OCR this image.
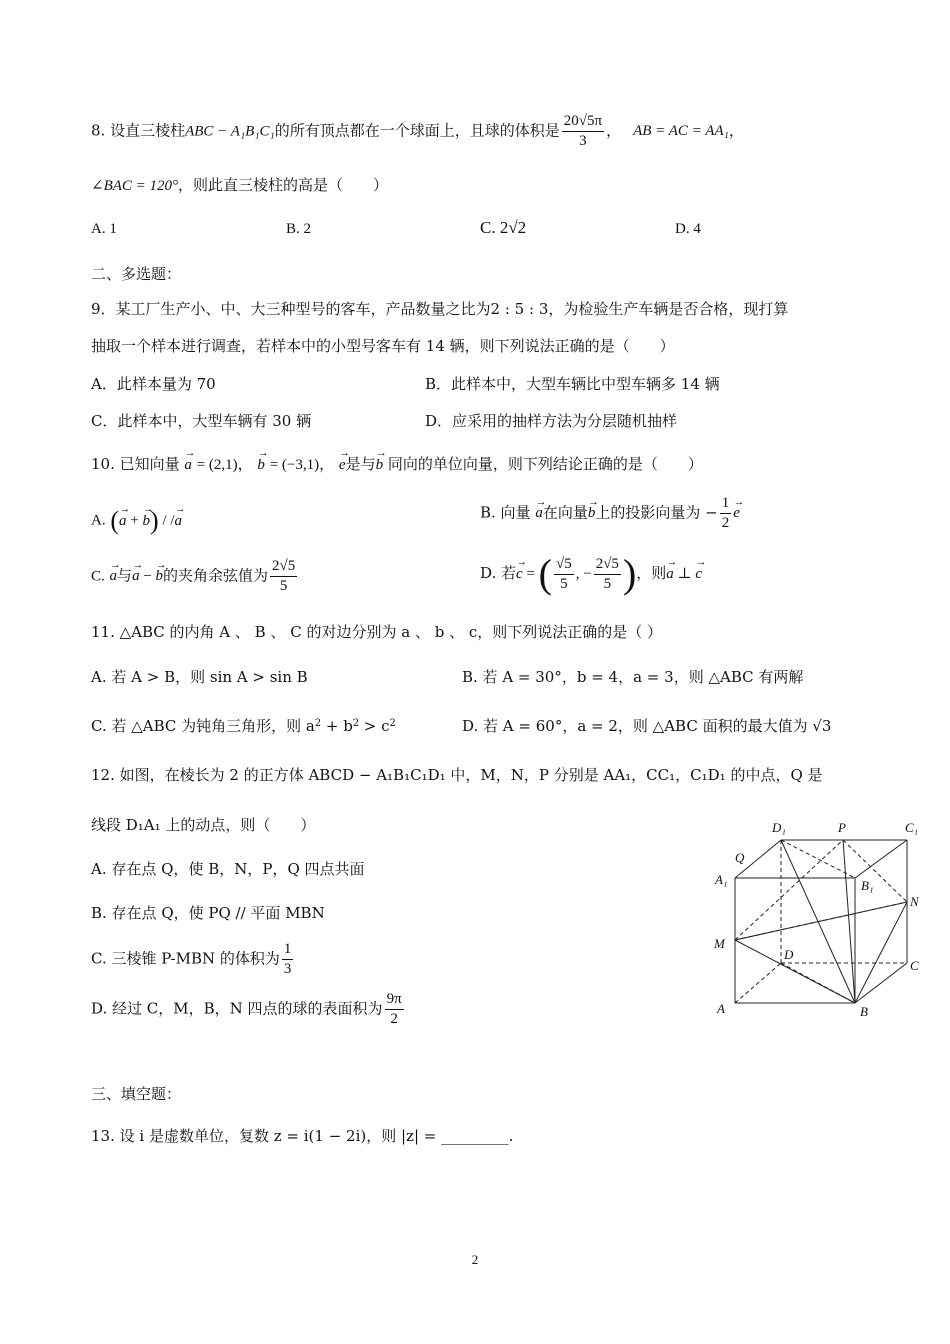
8. 设直三棱柱ABC − A₁B₁C₁的所有顶点都在一个球面上，且球的体积是 $\frac{20√5\pi}{3}$ ， AB = AC = AA₁，
∠BAC = 120°，则此直三棱柱的高是（　　）
A. 1	B. 2	C. 2√2	D. 4
二、多选题：
9．某工厂生产小、中、大三种型号的客车，产品数量之比为2 : 5 : 3，为检验生产车辆是否合格，现打算
抽取一个样本进行调查，若样本中的小型号客车有 14 辆，则下列说法正确的是（　　）
A．此样本量为 70	B．此样本中，大型车辆比中型车辆多 14 辆
C．此样本中，大型车辆有 30 辆	D．应采用的抽样方法为分层随机抽样
10. 已知向量 → a = (2,1)， → b = (−3,1)， → e是与→ b 同向的单位向量，则下列结论正确的是（　　）
A. (→ a + → b) / /→ a	B. 向量 → a在向量→ b上的投影向量为 − $\frac{1}{2}$
→ e
C. → a与→ a − → b的夹角余弦值为 $\frac{2√5}{5}$	D. 若→ c = ( $\frac{√5}{5}$ , − $\frac{2√5}{5}$ )，则→ a ⊥ → c
11. △ABC 的内角 A 、 B 、 C 的对边分别为 a 、 b 、 c，则下列说法正确的是（ ）
A. 若 A > B，则 sin A > sin B	B. 若 A = 30°，b = 4，a = 3，则 △ABC 有两解
C. 若 △ABC 为钝角三角形，则 $a^2 + b^2 > c^2$	D. 若 A = 60°，a = 2，则 △ABC 面积的最大值为 √3
12. 如图，在棱长为 2 的正方体 ABCD − A₁B₁C₁D₁ 中，M，N，P 分别是 AA₁，CC₁，C₁D₁ 的中点，Q 是
线段 D₁A₁ 上的动点，则（　　）
A. 存在点 Q，使 B，N，P，Q 四点共面
B. 存在点 Q，使 PQ // 平面 MBN
C. 三棱锥 P-MBN 的体积为 $\frac{1}{3}$
D. 经过 C，M，B，N 四点的球的表面积为 $\frac{9\pi}{2}$
D₁	P	C₁
Q
A₁	B₁
N
M
D
C
A	B
三、填空题：
13. 设 i 是虚数单位，复数 z = i(1 − 2i)，则 |z| = _________.
2
